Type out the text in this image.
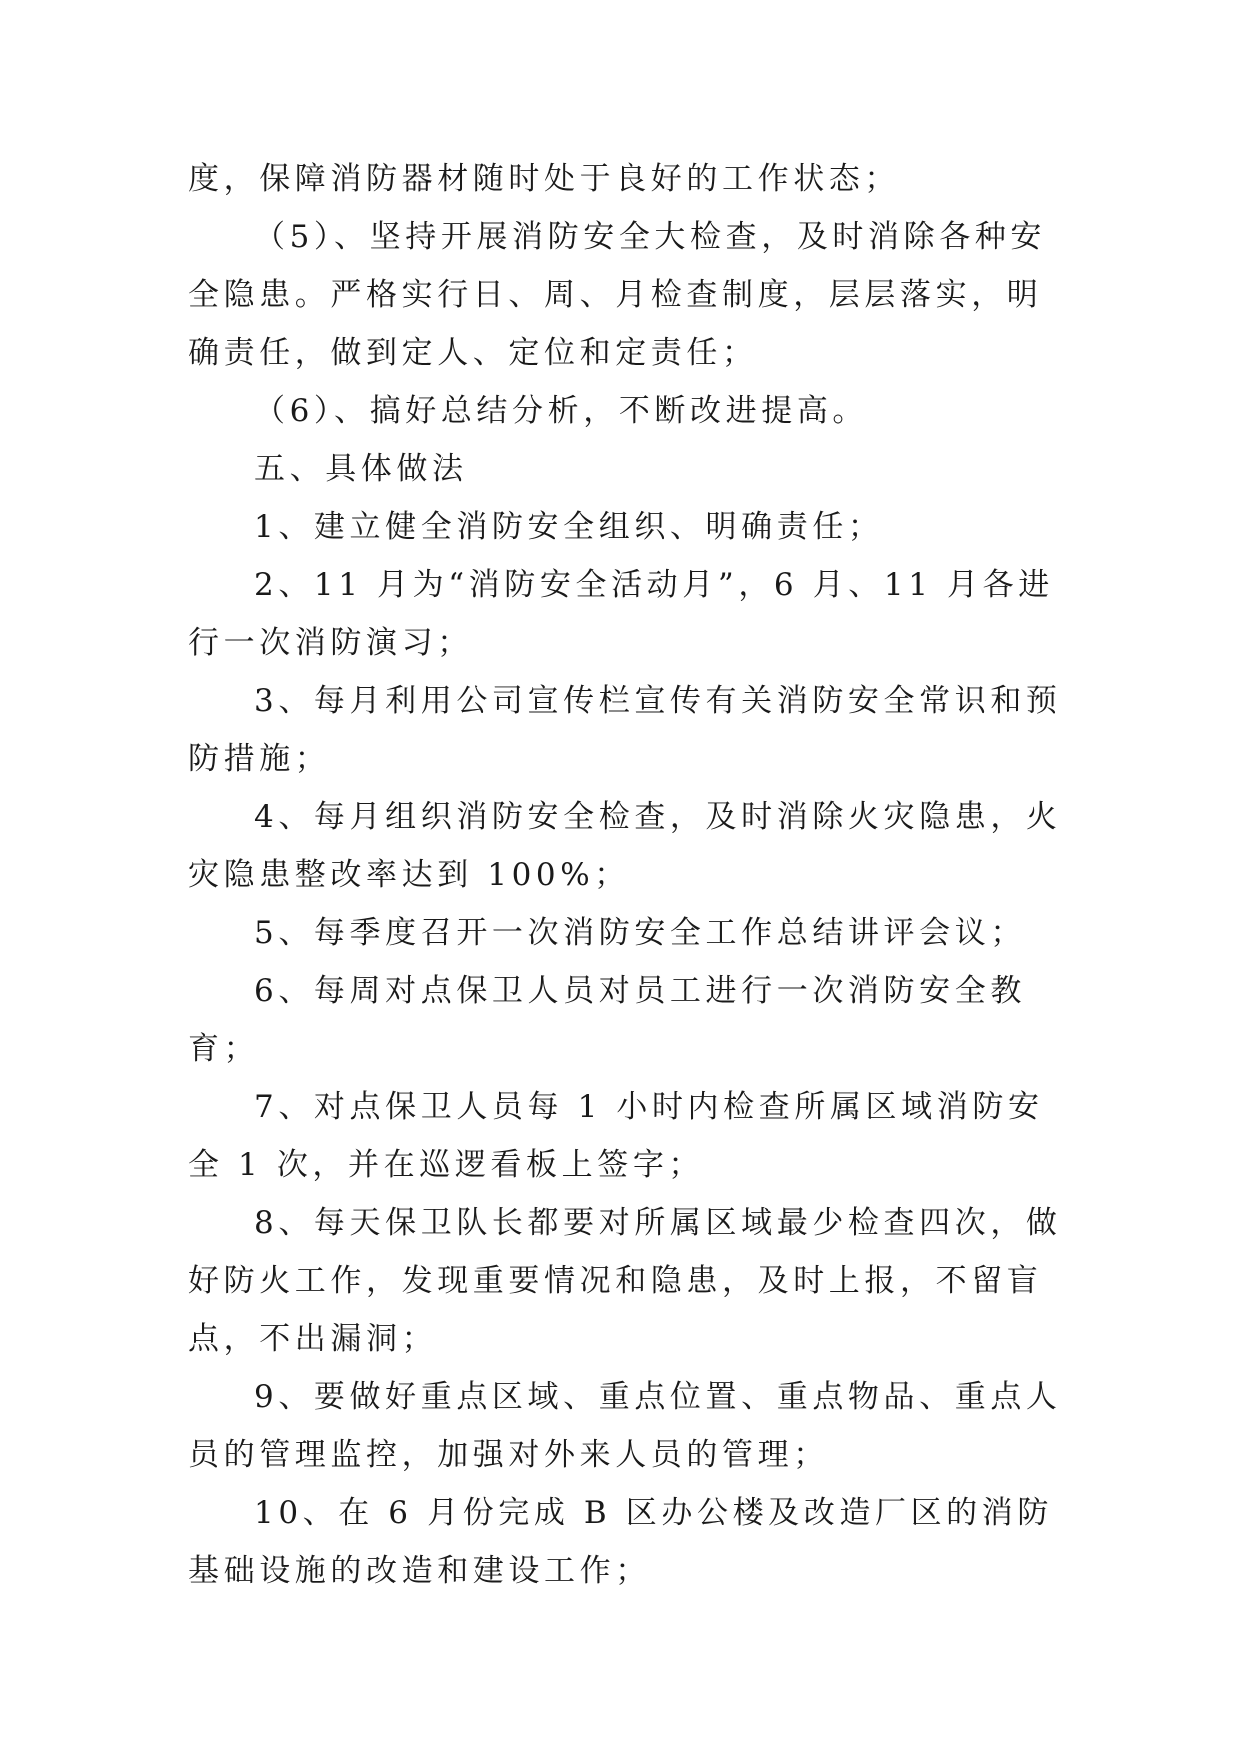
度，保障消防器材随时处于良好的工作状态；

（5）、坚持开展消防安全大检查，及时消除各种安全隐患。严格实行日、周、月检查制度，层层落实，明确责任，做到定人、定位和定责任；

（6）、搞好总结分析，不断改进提高。

五、具体做法

1、建立健全消防安全组织、明确责任；

2、11 月为“消防安全活动月”，6 月、11 月各进行一次消防演习；

3、每月利用公司宣传栏宣传有关消防安全常识和预防措施；

4、每月组织消防安全检查，及时消除火灾隐患，火灾隐患整改率达到 100%；

5、每季度召开一次消防安全工作总结讲评会议；

6、每周对点保卫人员对员工进行一次消防安全教育；

7、对点保卫人员每 1 小时内检查所属区域消防安全 1 次，并在巡逻看板上签字；

8、每天保卫队长都要对所属区域最少检查四次，做好防火工作，发现重要情况和隐患，及时上报，不留盲点，不出漏洞；

9、要做好重点区域、重点位置、重点物品、重点人员的管理监控，加强对外来人员的管理；

10、在 6 月份完成 B 区办公楼及改造厂区的消防基础设施的改造和建设工作；
